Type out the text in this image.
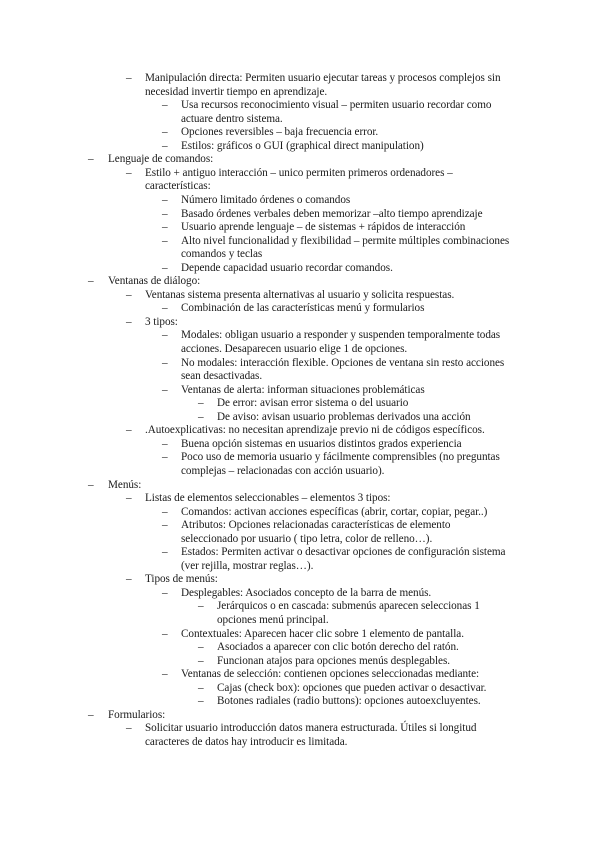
– Manipulación directa: Permiten usuario ejecutar tareas y procesos complejos sin
necesidad invertir tiempo en aprendizaje.
– Usa recursos reconocimiento visual – permiten usuario recordar como
actuare dentro sistema.
– Opciones reversibles – baja frecuencia error.
– Estilos: gráficos o GUI (graphical direct manipulation)
– Lenguaje de comandos:
– Estilo + antiguo interacción – unico permiten primeros ordenadores –
características:
– Número limitado órdenes o comandos
– Basado órdenes verbales deben memorizar –alto tiempo aprendizaje
– Usuario aprende lenguaje – de sistemas + rápidos de interacción
– Alto nivel funcionalidad y flexibilidad – permite múltiples combinaciones
comandos y teclas
– Depende capacidad usuario recordar comandos.
– Ventanas de diálogo:
– Ventanas sistema presenta alternativas al usuario y solicita respuestas.
– Combinación de las características menú y formularios
– 3 tipos:
– Modales: obligan usuario a responder y suspenden temporalmente todas
acciones. Desaparecen usuario elige 1 de opciones.
– No modales: interacción flexible. Opciones de ventana sin resto acciones
sean desactivadas.
– Ventanas de alerta: informan situaciones problemáticas
– De error: avisan error sistema o del usuario
– De aviso: avisan usuario problemas derivados una acción
– .Autoexplicativas: no necesitan aprendizaje previo ni de códigos específicos.
– Buena opción sistemas en usuarios distintos grados experiencia
– Poco uso de memoria usuario y fácilmente comprensibles (no preguntas
complejas – relacionadas con acción usuario).
– Menús:
– Listas de elementos seleccionables – elementos 3 tipos:
– Comandos: activan acciones específicas (abrir, cortar, copiar, pegar..)
– Atributos: Opciones relacionadas características de elemento
seleccionado por usuario ( tipo letra, color de relleno…).
– Estados: Permiten activar o desactivar opciones de configuración sistema
(ver rejilla, mostrar reglas…).
– Tipos de menús:
– Desplegables: Asociados concepto de la barra de menús.
– Jerárquicos o en cascada: submenús aparecen seleccionas 1
opciones menú principal.
– Contextuales: Aparecen hacer clic sobre 1 elemento de pantalla.
– Asociados a aparecer con clic botón derecho del ratón.
– Funcionan atajos para opciones menús desplegables.
– Ventanas de selección: contienen opciones seleccionadas mediante:
– Cajas (check box): opciones que pueden activar o desactivar.
– Botones radiales (radio buttons): opciones autoexcluyentes.
– Formularios:
– Solicitar usuario introducción datos manera estructurada. Útiles si longitud
caracteres de datos hay introducir es limitada.
